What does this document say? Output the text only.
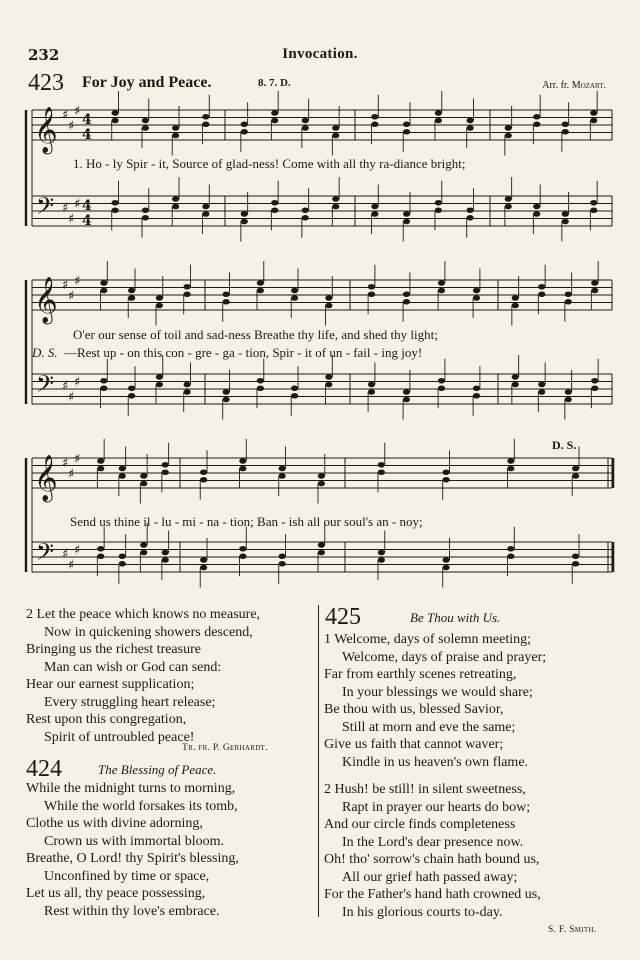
232	Invocation.
423 For Joy and Peace.	8. 7. D.	Arr. fr. Mozart.
𝄞
𝄢
♯
♯
♯
♯
♯
♯
4
4
4
4
𝄞
𝄢
♯
♯
♯
♯
♯
♯
𝄞
𝄢
♯
♯
♯
♯
♯
♯
1. Ho - ly Spir - it, Source of glad-ness! Come with all thy ra-diance bright;
O'er our sense of toil and sad-ness Breathe thy life, and shed thy light;
D. S. —Rest up - on this con - gre - ga - tion, Spir - it of un - fail - ing joy!
D. S.
Send us thine il - lu - mi - na - tion; Ban - ish all our soul's an - noy;
2 Let the peace which knows no measure,
Now in quickening showers descend,
Bringing us the richest treasure
Man can wish or God can send:
Hear our earnest supplication;
Every struggling heart release;
Rest upon this congregation,
Spirit of untroubled peace!
Tr. fr. P. Gerhardt.
424	The Blessing of Peace.
While the midnight turns to morning,
While the world forsakes its tomb,
Clothe us with divine adorning,
Crown us with immortal bloom.
Breathe, O Lord! thy Spirit's blessing,
Unconfined by time or space,
Let us all, thy peace possessing,
Rest within thy love's embrace.
425	Be Thou with Us.
1 Welcome, days of solemn meeting;
Welcome, days of praise and prayer;
Far from earthly scenes retreating,
In your blessings we would share;
Be thou with us, blessed Savior,
Still at morn and eve the same;
Give us faith that cannot waver;
Kindle in us heaven's own flame.
2 Hush! be still! in silent sweetness,
Rapt in prayer our hearts do bow;
And our circle finds completeness
In the Lord's dear presence now.
Oh! tho' sorrow's chain hath bound us,
All our grief hath passed away;
For the Father's hand hath crowned us,
In his glorious courts to-day.
S. F. Smith.
